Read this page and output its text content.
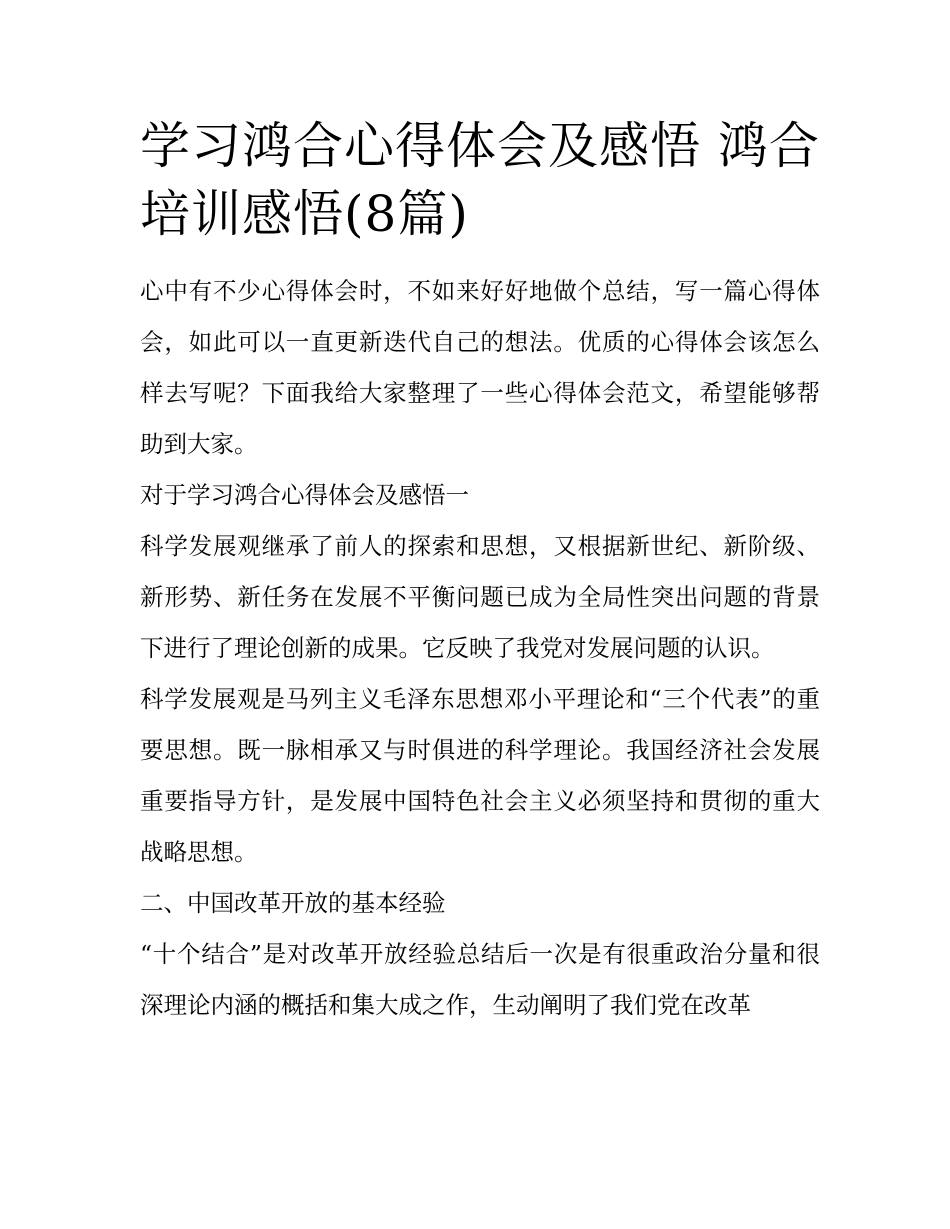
学习鸿合心得体会及感悟 鸿合培训感悟(8篇)

心中有不少心得体会时，不如来好好地做个总结，写一篇心得体会，如此可以一直更新迭代自己的想法。优质的心得体会该怎么样去写呢？下面我给大家整理了一些心得体会范文，希望能够帮助到大家。

对于学习鸿合心得体会及感悟一

科学发展观继承了前人的探索和思想，又根据新世纪、新阶级、新形势、新任务在发展不平衡问题已成为全局性突出问题的背景下进行了理论创新的成果。它反映了我党对发展问题的认识。

科学发展观是马列主义毛泽东思想邓小平理论和“三个代表”的重要思想。既一脉相承又与时俱进的科学理论。我国经济社会发展重要指导方针，是发展中国特色社会主义必须坚持和贯彻的重大战略思想。

二、中国改革开放的基本经验

“十个结合”是对改革开放经验总结后一次是有很重政治分量和很深理论内涵的概括和集大成之作，生动阐明了我们党在改革
